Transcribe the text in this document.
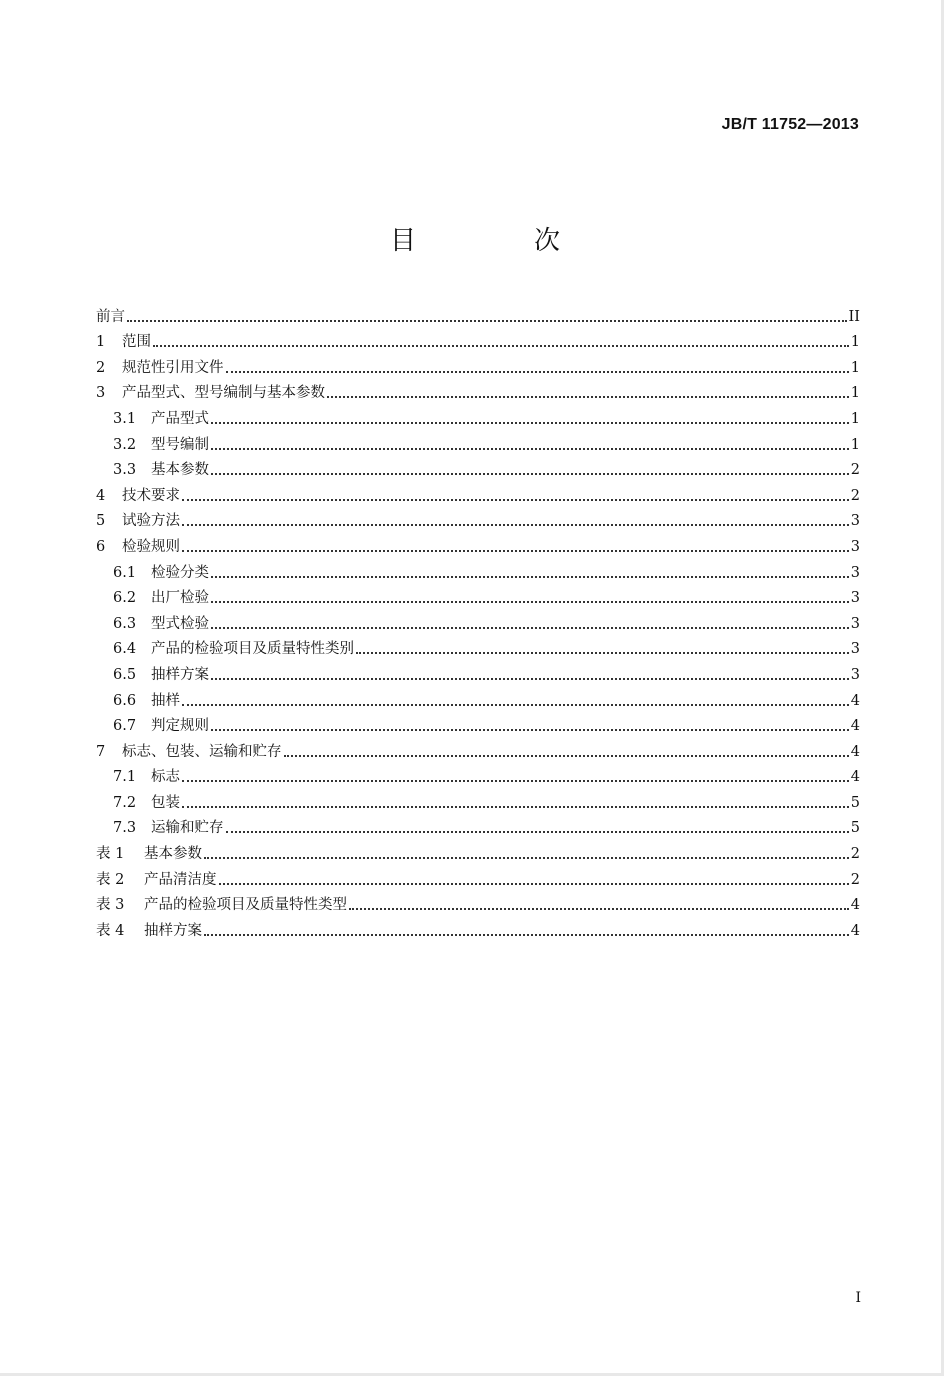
JB/T 11752—2013
目　次
前言	II
1	范围	1
2	规范性引用文件	1
3	产品型式、型号编制与基本参数	1
3.1	产品型式	1
3.2	型号编制	1
3.3	基本参数	2
4	技术要求	2
5	试验方法	3
6	检验规则	3
6.1	检验分类	3
6.2	出厂检验	3
6.3	型式检验	3
6.4	产品的检验项目及质量特性类别	3
6.5	抽样方案	3
6.6	抽样	4
6.7	判定规则	4
7	标志、包装、运输和贮存	4
7.1	标志	4
7.2	包装	5
7.3	运输和贮存	5
表 1	基本参数	2
表 2	产品清洁度	2
表 3	产品的检验项目及质量特性类型	4
表 4	抽样方案	4
I
